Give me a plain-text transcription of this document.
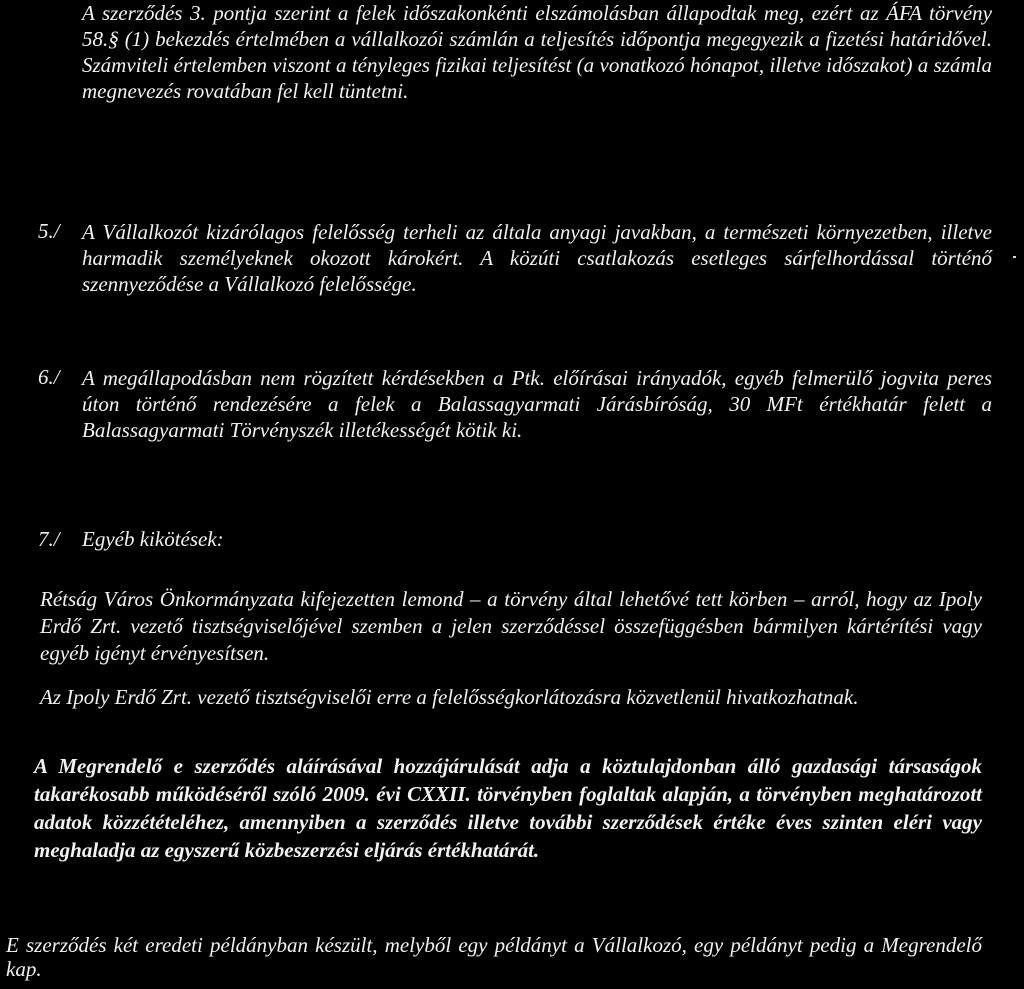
A szerződés 3. pontja szerint a felek időszakonkénti elszámolásban állapodtak meg, ezért az ÁFA törvény 58.§ (1) bekezdés értelmében a vállalkozói számlán a teljesítés időpontja megegyezik a fizetési határidővel. Számviteli értelemben viszont a tényleges fizikai teljesítést (a vonatkozó hónapot, illetve időszakot) a számla megnevezés rovatában fel kell tüntetni.

5./ A Vállalkozót kizárólagos felelősség terheli az általa anyagi javakban, a természeti környezetben, illetve harmadik személyeknek okozott károkért. A közúti csatlakozás esetleges sárfelhordással történő szennyeződése a Vállalkozó felelőssége.

6./ A megállapodásban nem rögzített kérdésekben a Ptk. előírásai irányadók, egyéb felmerülő jogvita peres úton történő rendezésére a felek a Balassagyarmati Járásbíróság, 30 MFt értékhatár felett a Balassagyarmati Törvényszék illetékességét kötik ki.

7./ Egyéb kikötések:

Rétság Város Önkormányzata kifejezetten lemond – a törvény által lehetővé tett körben – arról, hogy az Ipoly Erdő Zrt. vezető tisztségviselőjével szemben a jelen szerződéssel összefüggésben bármilyen kártérítési vagy egyéb igényt érvényesítsen.

Az Ipoly Erdő Zrt. vezető tisztségviselői erre a felelősségkorlátozásra közvetlenül hivatkozhatnak.

A Megrendelő e szerződés aláírásával hozzájárulását adja a köztulajdonban álló gazdasági társaságok takarékosabb működéséről szóló 2009. évi CXXII. törvényben foglaltak alapján, a törvényben meghatározott adatok közzétételéhez, amennyiben a szerződés illetve további szerződések értéke éves szinten eléri vagy meghaladja az egyszerű közbeszerzési eljárás értékhatárát.

E szerződés két eredeti példányban készült, melyből egy példányt a Vállalkozó, egy példányt pedig a Megrendelő kap.
